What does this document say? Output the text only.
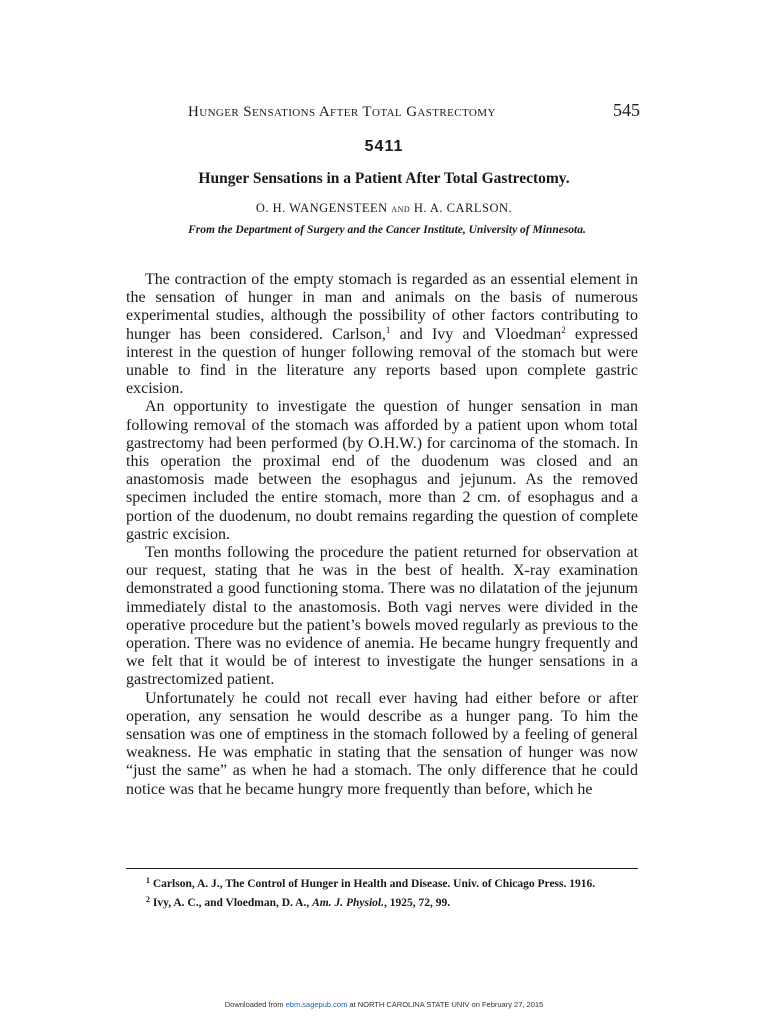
Hunger Sensations After Total Gastrectomy	545
5411
Hunger Sensations in a Patient After Total Gastrectomy.
O. H. WANGENSTEEN and H. A. CARLSON.
From the Department of Surgery and the Cancer Institute, University of Minnesota.

The contraction of the empty stomach is regarded as an essential element in the sensation of hunger in man and animals on the basis of numerous experimental studies, although the possibility of other factors contributing to hunger has been considered. Carlson,$^1$ and Ivy and Vloedman$^2$ expressed interest in the question of hunger following removal of the stomach but were unable to find in the literature any reports based upon complete gastric excision.

An opportunity to investigate the question of hunger sensation in man following removal of the stomach was afforded by a patient upon whom total gastrectomy had been performed (by O.H.W.) for carcinoma of the stomach. In this operation the proximal end of the duodenum was closed and an anastomosis made between the esophagus and jejunum. As the removed specimen included the entire stomach, more than 2 cm. of esophagus and a portion of the duodenum, no doubt remains regarding the question of complete gastric excision.

Ten months following the procedure the patient returned for observation at our request, stating that he was in the best of health. X-ray examination demonstrated a good functioning stoma. There was no dilatation of the jejunum immediately distal to the anastomosis. Both vagi nerves were divided in the operative procedure but the patient’s bowels moved regularly as previous to the operation. There was no evidence of anemia. He became hungry frequently and we felt that it would be of interest to investigate the hunger sensations in a gastrectomized patient.

Unfortunately he could not recall ever having had either before or after operation, any sensation he would describe as a hunger pang. To him the sensation was one of emptiness in the stomach followed by a feeling of general weakness. He was emphatic in stating that the sensation of hunger was now “just the same” as when he had a stomach. The only difference that he could notice was that he became hungry more frequently than before, which he

$^1$ Carlson, A. J., The Control of Hunger in Health and Disease. Univ. of Chicago Press. 1916.

$^2$ Ivy, A. C., and Vloedman, D. A., Am. J. Physiol., 1925, 72, 99.

Downloaded from ebm.sagepub.com at NORTH CAROLINA STATE UNIV on February 27, 2015
